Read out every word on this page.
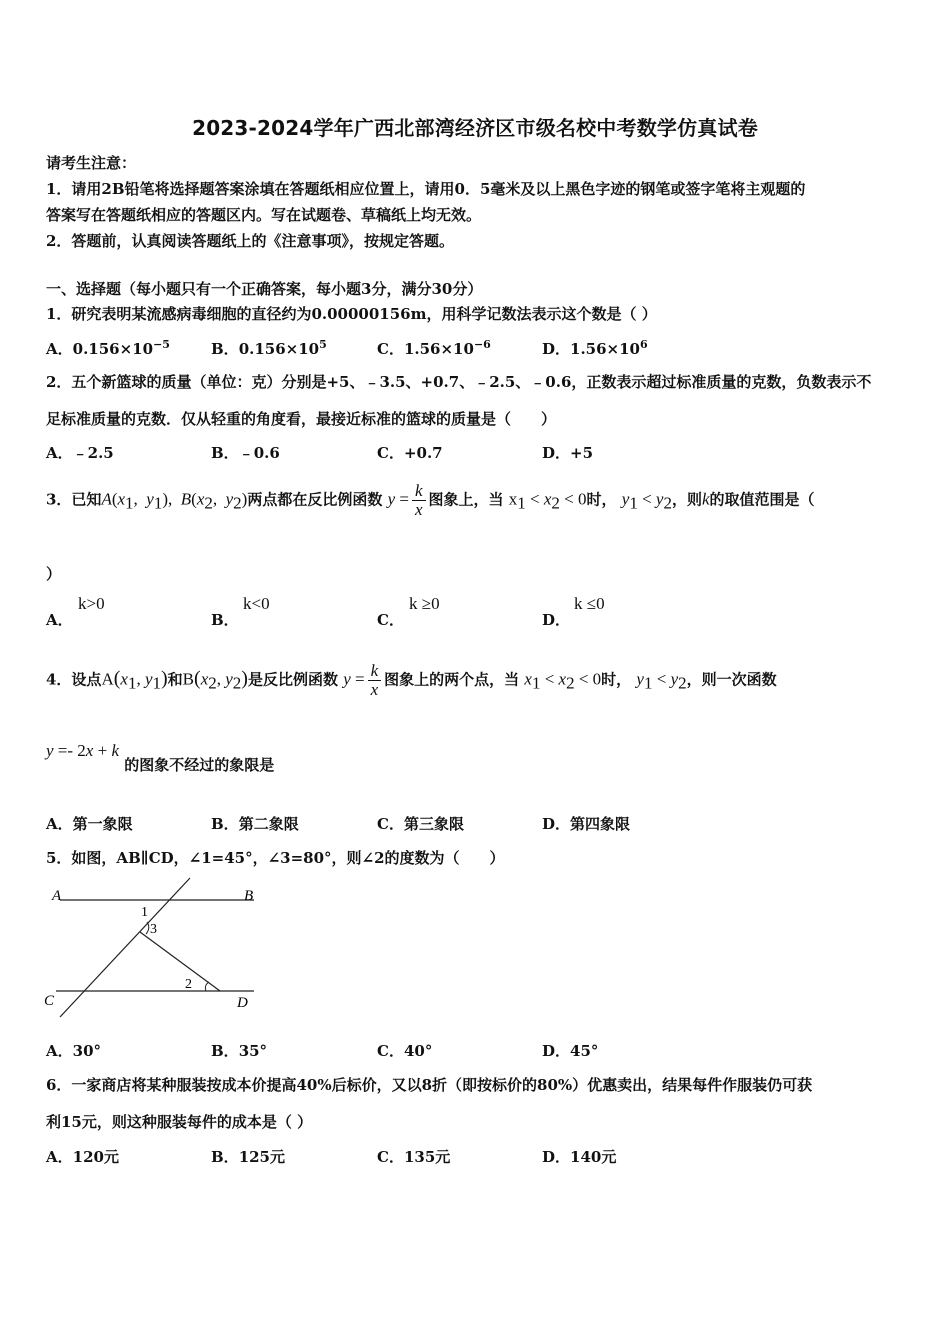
2023-2024学年广西北部湾经济区市级名校中考数学仿真试卷
请考生注意：
1．请用2B铅笔将选择题答案涂填在答题纸相应位置上，请用0．5毫米及以上黑色字迹的钢笔或签字笔将主观题的
答案写在答题纸相应的答题区内。写在试题卷、草稿纸上均无效。
2．答题前，认真阅读答题纸上的《注意事项》，按规定答题。
一、选择题（每小题只有一个正确答案，每小题3分，满分30分）
1．研究表明某流感病毒细胞的直径约为0.00000156m，用科学记数法表示这个数是（ ）
A．$0.156\times 10^{-5}$	B．$0.156\times 10^5$	C．$1.56\times 10^{-6}$	D．$1.56\times 10^6$
2．五个新篮球的质量（单位：克）分别是+5、﹣3.5、+0.7、﹣2.5、﹣0.6，正数表示超过标准质量的克数，负数表示不
足标准质量的克数．仅从轻重的角度看，最接近标准的篮球的质量是（　　）
A．﹣2.5	B．﹣0.6	C．+0.7	D．+5
3．已知$A(x_1$,  $y_1$),  $B(x_2$,  $y_2$)两点都在反比例函数 $y = \frac{k}{x}$ 图象上，当 $x_1 < x_2 < 0$时， $y_1 < y_2$，则k的取值范围是（
）
A．
k>0
B．
k<0
C．
k ≥0
D．
k ≤0
4．设点$A(x_1$, $y_1$)和$B(x_2$, $y_2$)是反比例函数 $y = \frac{k}{x}$ 图象上的两个点，当 $x_1 < x_2 < 0$时， $y_1 < y_2$，则一次函数
y =- 2x + k 的图象不经过的象限是
A．第一象限	B．第二象限	C．第三象限	D．第四象限
5．如图，AB∥CD，∠1=45°，∠3=80°，则∠2的度数为（　　）
A	B
C	D
1
3
2
A．30°	B．35°	C．40°	D．45°
6．一家商店将某种服装按成本价提高40%后标价，又以8折（即按标价的80%）优惠卖出，结果每件作服装仍可获
利15元，则这种服装每件的成本是（ ）
A．120元	B．125元	C．135元	D．140元
